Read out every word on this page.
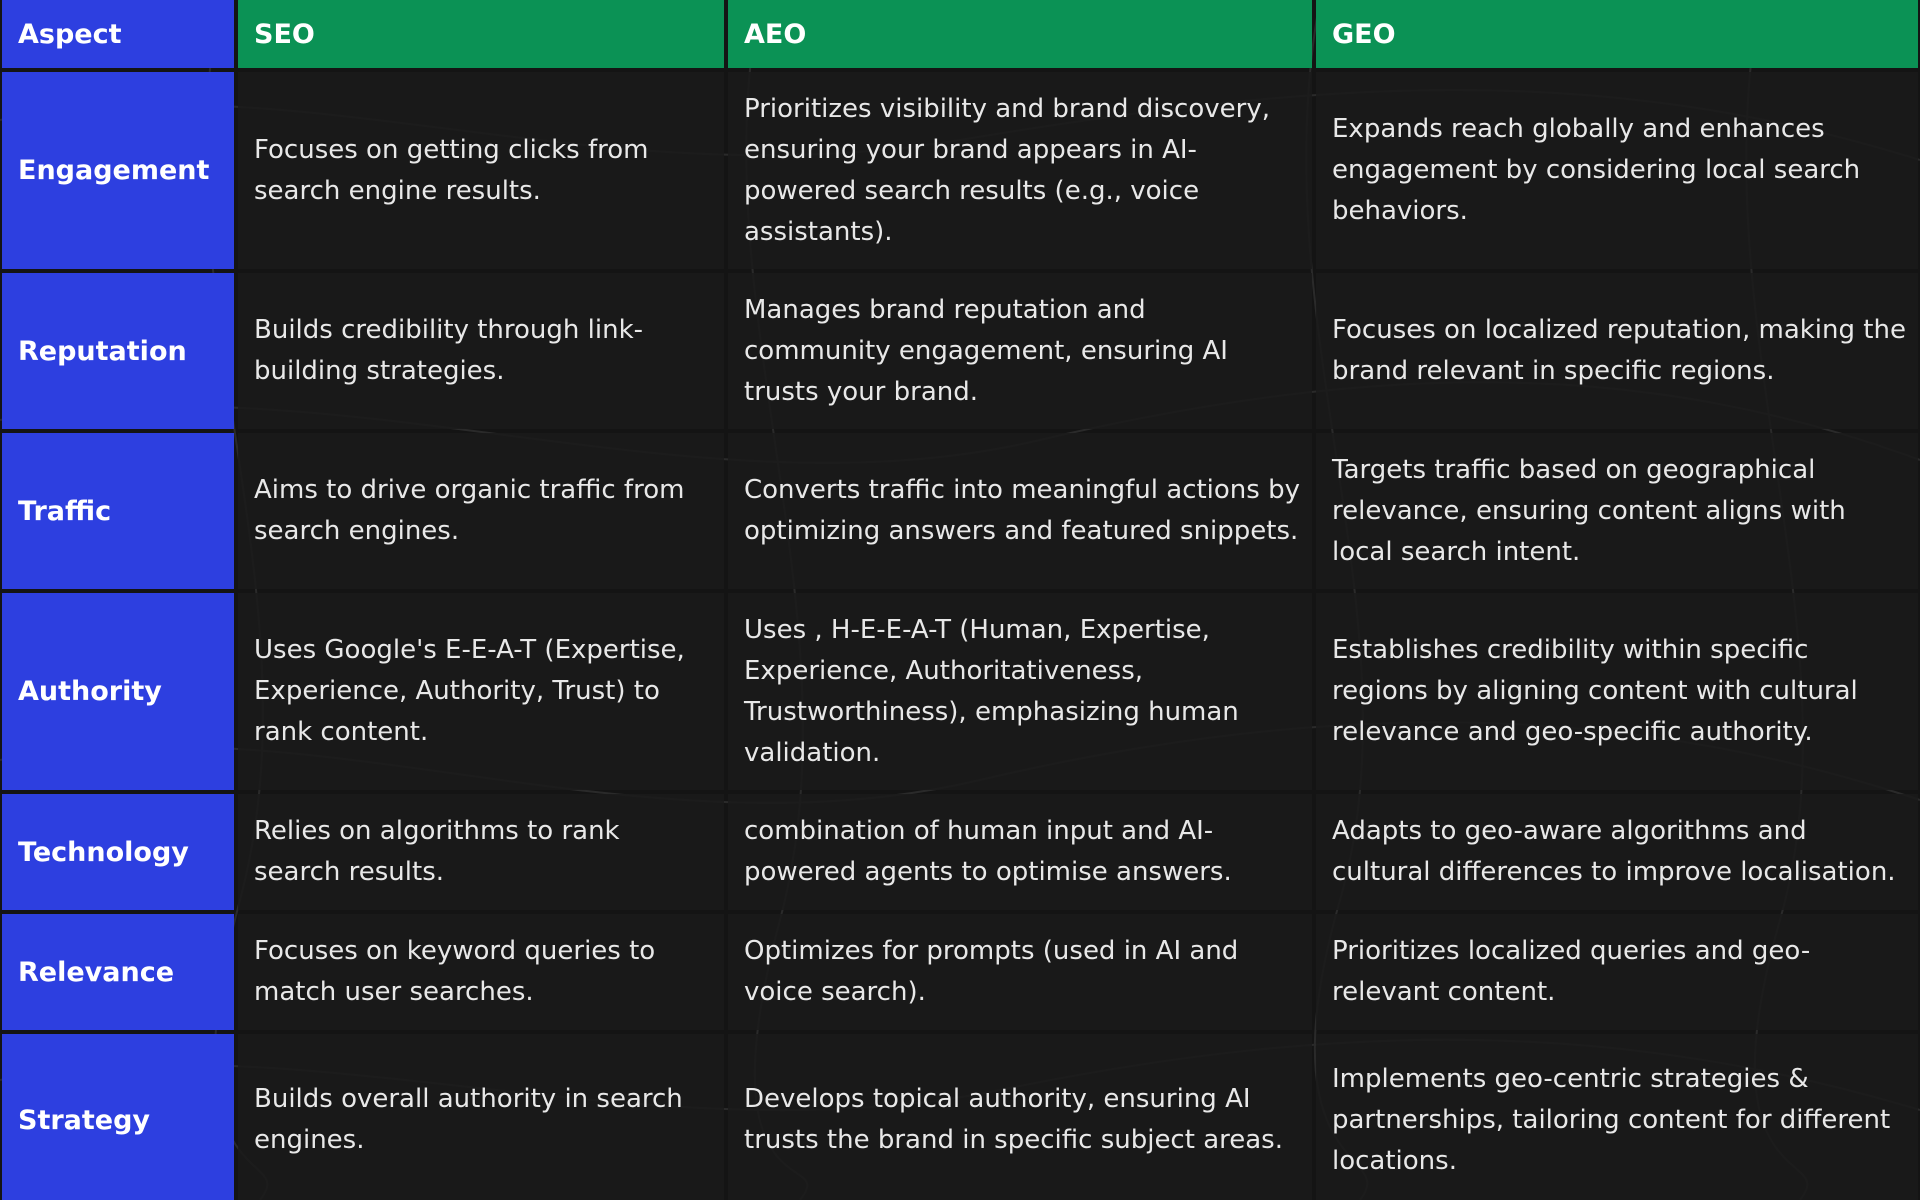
Aspect	SEO	AEO	GEO
Engagement	Focuses on getting clicks from search engine results.	Prioritizes visibility and brand discovery, ensuring your brand appears in AI-powered search results (e.g., voice assistants).	Expands reach globally and enhances engagement by considering local search behaviors.
Reputation	Builds credibility through link-building strategies.	Manages brand reputation and community engagement, ensuring AI trusts your brand.	Focuses on localized reputation, making the brand relevant in specific regions.
Traffic	Aims to drive organic traffic from search engines.	Converts traffic into meaningful actions by optimizing answers and featured snippets.	Targets traffic based on geographical relevance, ensuring content aligns with local search intent.
Authority	Uses Google's E-E-A-T (Expertise, Experience, Authority, Trust) to rank content.	Uses , H-E-E-A-T (Human, Expertise, Experience, Authoritativeness, Trustworthiness), emphasizing human validation.	Establishes credibility within specific regions by aligning content with cultural relevance and geo-specific authority.
Technology	Relies on algorithms to rank search results.	combination of human input and AI-powered agents to optimise answers.	Adapts to geo-aware algorithms and cultural differences to improve localisation.
Relevance	Focuses on keyword queries to match user searches.	Optimizes for prompts (used in AI and voice search).	Prioritizes localized queries and geo-relevant content.
Strategy	Builds overall authority in search engines.	Develops topical authority, ensuring AI trusts the brand in specific subject areas.	Implements geo-centric strategies & partnerships, tailoring content for different locations.
